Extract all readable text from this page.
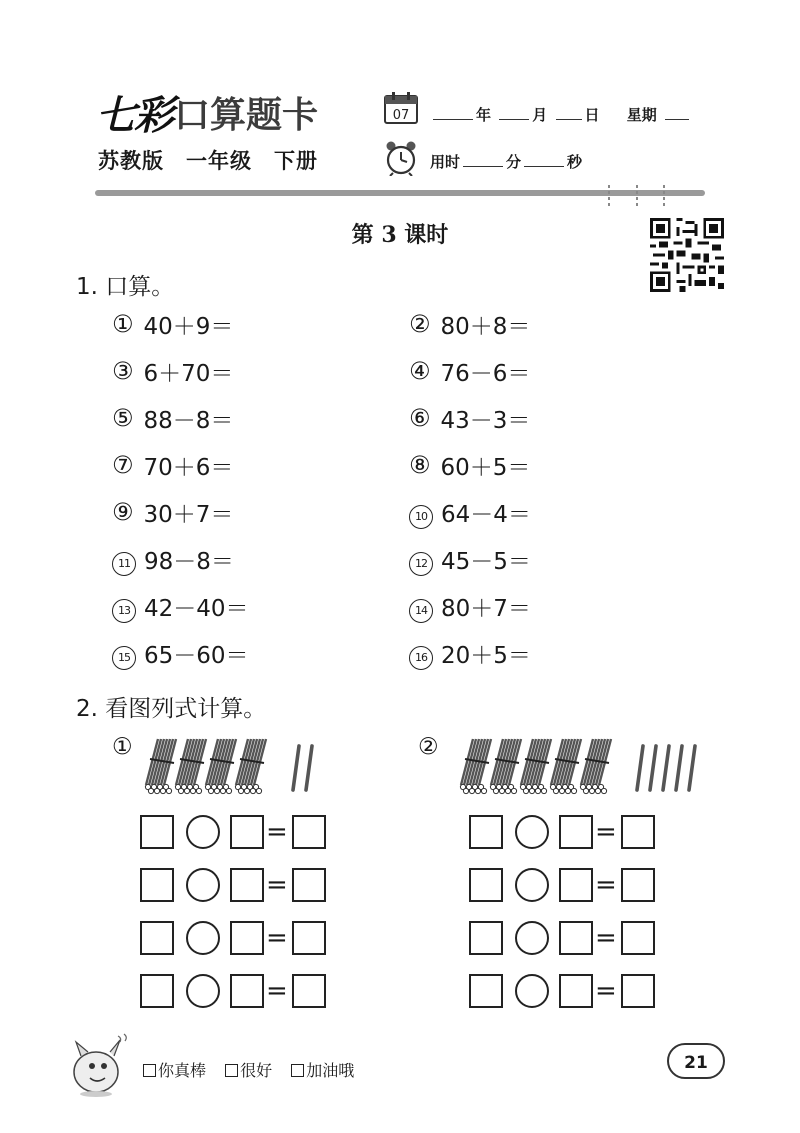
七彩 口算题卡
苏教版　一年级　下册
07	年	月 日 星期
用时	分	秒
第 3 课时
1. 口算。
① 40＋9＝	② 80＋8＝
③ 6＋70＝	④ 76－6＝
⑤ 88－8＝	⑥ 43－3＝
⑦ 70＋6＝	⑧ 60＋5＝
⑨ 30＋7＝	10 64－4＝
11 98－8＝	12 45－5＝
13 42－40＝	14 80＋7＝
15 65－60＝	16 20＋5＝
2. 看图列式计算。
①
=
=
=
=
②
=
=
=
=
你真棒 很好 加油哦	21
